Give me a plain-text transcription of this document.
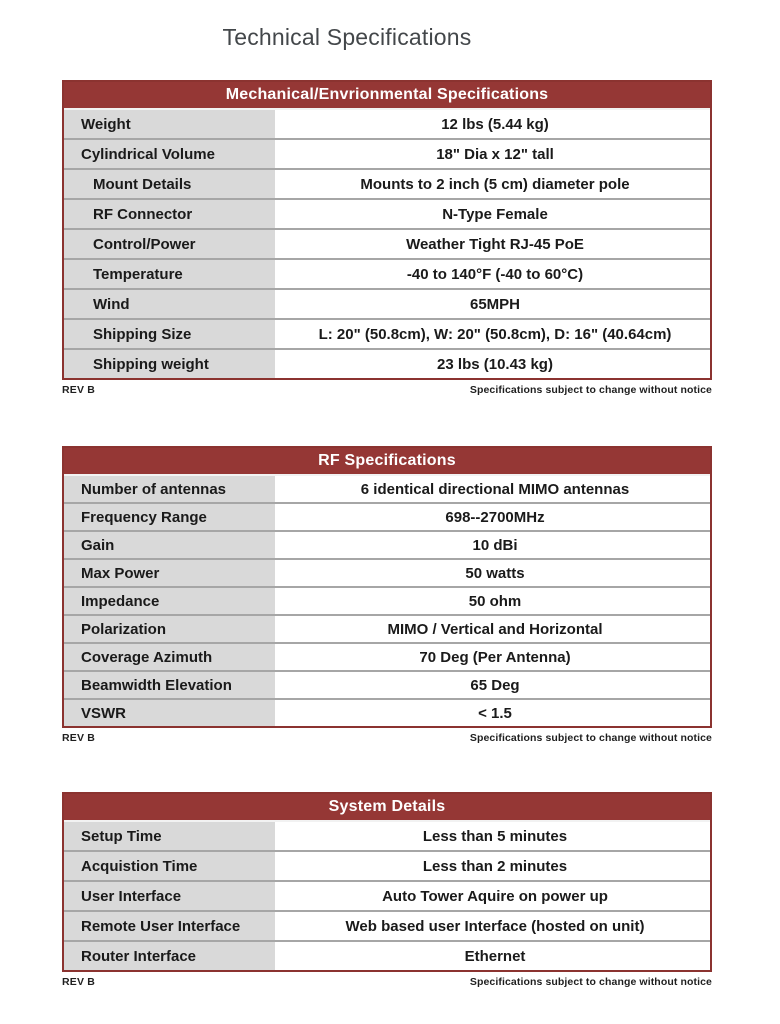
Technical Specifications
Mechanical/Envrionmental Specifications
Weight	12 lbs (5.44 kg)
Cylindrical Volume	18" Dia x 12" tall
Mount Details	Mounts to 2 inch (5 cm) diameter pole
RF Connector	N-Type Female
Control/Power	Weather Tight RJ-45 PoE
Temperature	-40 to 140°F (-40 to 60°C)
Wind	65MPH
Shipping Size	L: 20" (50.8cm), W: 20" (50.8cm), D: 16" (40.64cm)
Shipping weight	23 lbs (10.43 kg)
REV B	Specifications subject to change without notice
RF Specifications
Number of antennas	6 identical directional MIMO antennas
Frequency Range	698--2700MHz
Gain	10 dBi
Max Power	50 watts
Impedance	50 ohm
Polarization	MIMO / Vertical and Horizontal
Coverage Azimuth	70 Deg (Per Antenna)
Beamwidth Elevation	65 Deg
VSWR	< 1.5
REV B	Specifications subject to change without notice
System Details
Setup Time	Less than 5 minutes
Acquistion Time	Less than 2 minutes
User Interface	Auto Tower Aquire on power up
Remote User Interface	Web based user Interface (hosted on unit)
Router Interface	Ethernet
REV B	Specifications subject to change without notice
